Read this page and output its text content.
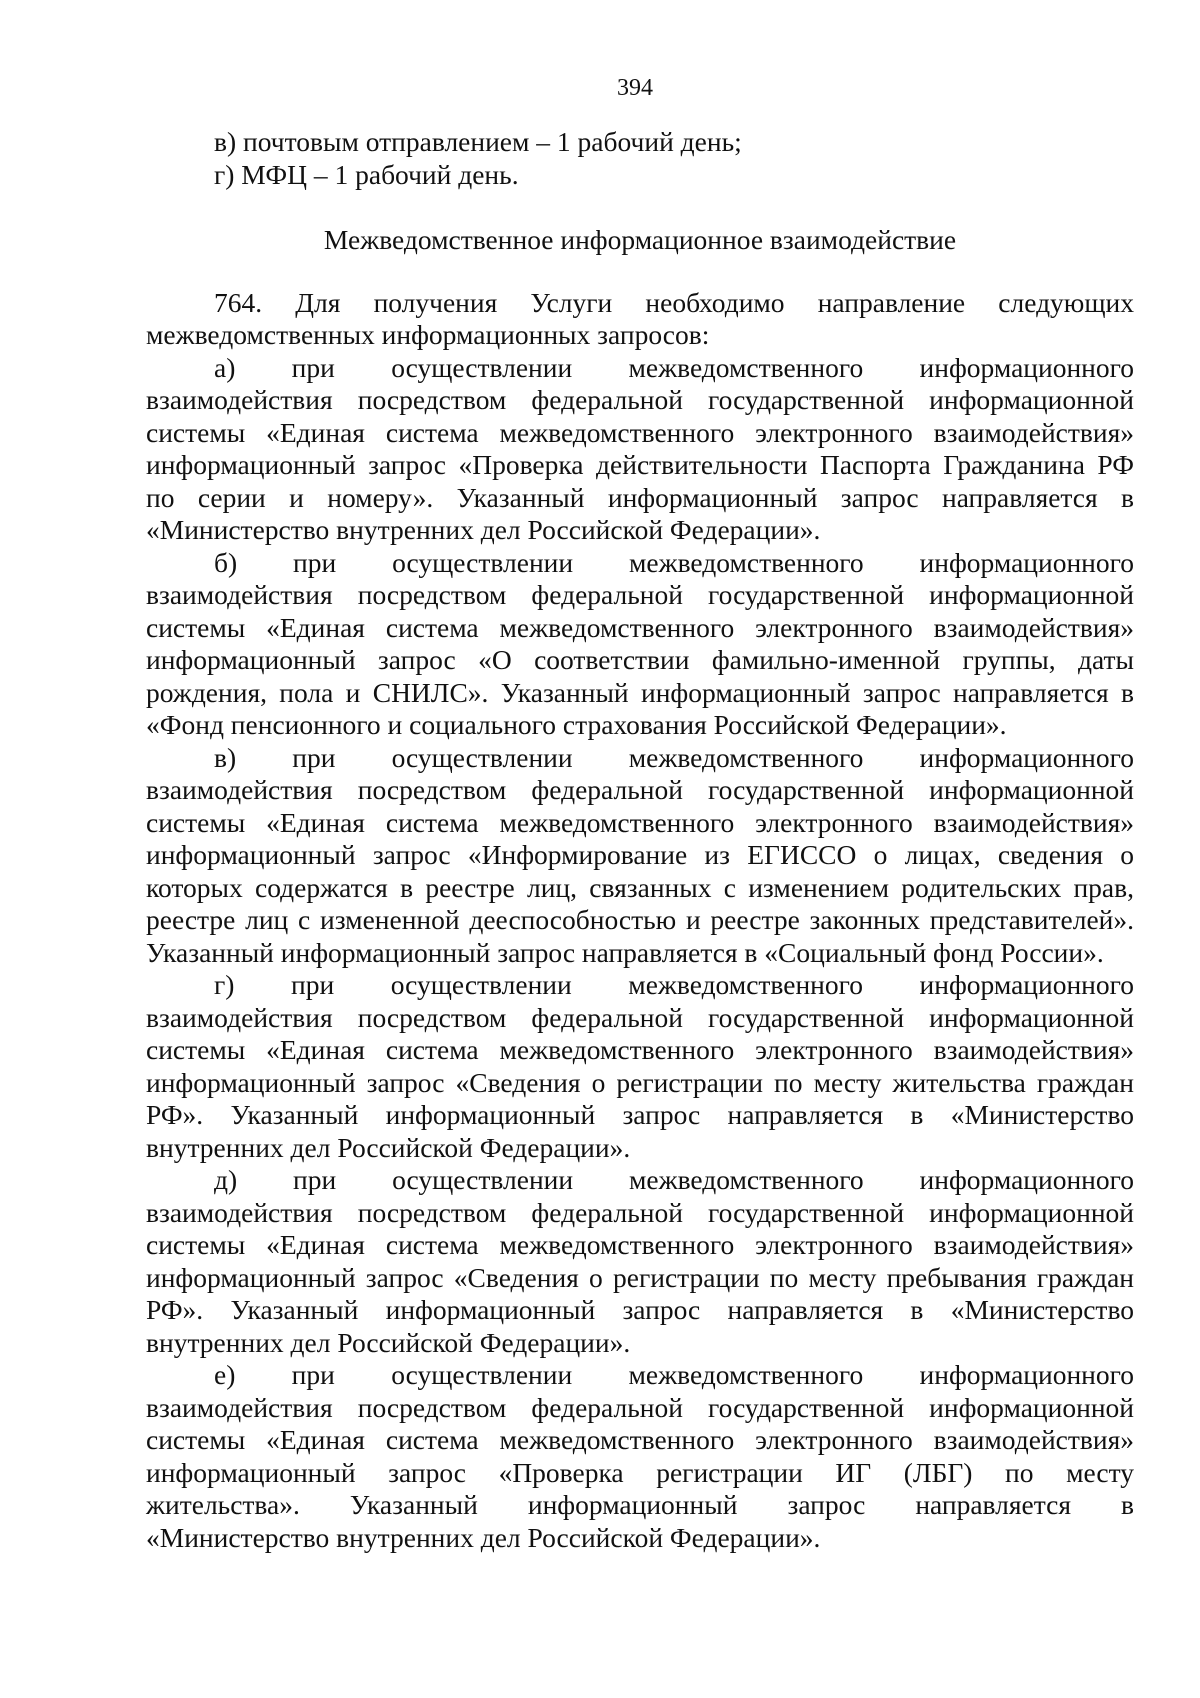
394
в) почтовым отправлением – 1 рабочий день;
г) МФЦ – 1 рабочий день.
Межведомственное информационное взаимодействие
764. Для получения Услуги необходимо направление следующих
межведомственных информационных запросов:
а) при осуществлении межведомственного информационного
взаимодействия посредством федеральной государственной информационной
системы «Единая система межведомственного электронного взаимодействия»
информационный запрос «Проверка действительности Паспорта Гражданина РФ
по серии и номеру». Указанный информационный запрос направляется в
«Министерство внутренних дел Российской Федерации».
б) при осуществлении межведомственного информационного
взаимодействия посредством федеральной государственной информационной
системы «Единая система межведомственного электронного взаимодействия»
информационный запрос «О соответствии фамильно-именной группы, даты
рождения, пола и СНИЛС». Указанный информационный запрос направляется в
«Фонд пенсионного и социального страхования Российской Федерации».
в) при осуществлении межведомственного информационного
взаимодействия посредством федеральной государственной информационной
системы «Единая система межведомственного электронного взаимодействия»
информационный запрос «Информирование из ЕГИССО о лицах, сведения о
которых содержатся в реестре лиц, связанных с изменением родительских прав,
реестре лиц с измененной дееспособностью и реестре законных представителей».
Указанный информационный запрос направляется в «Социальный фонд России».
г) при осуществлении межведомственного информационного
взаимодействия посредством федеральной государственной информационной
системы «Единая система межведомственного электронного взаимодействия»
информационный запрос «Сведения о регистрации по месту жительства граждан
РФ». Указанный информационный запрос направляется в «Министерство
внутренних дел Российской Федерации».
д) при осуществлении межведомственного информационного
взаимодействия посредством федеральной государственной информационной
системы «Единая система межведомственного электронного взаимодействия»
информационный запрос «Сведения о регистрации по месту пребывания граждан
РФ». Указанный информационный запрос направляется в «Министерство
внутренних дел Российской Федерации».
е) при осуществлении межведомственного информационного
взаимодействия посредством федеральной государственной информационной
системы «Единая система межведомственного электронного взаимодействия»
информационный запрос «Проверка регистрации ИГ (ЛБГ) по месту
жительства». Указанный информационный запрос направляется в
«Министерство внутренних дел Российской Федерации».
